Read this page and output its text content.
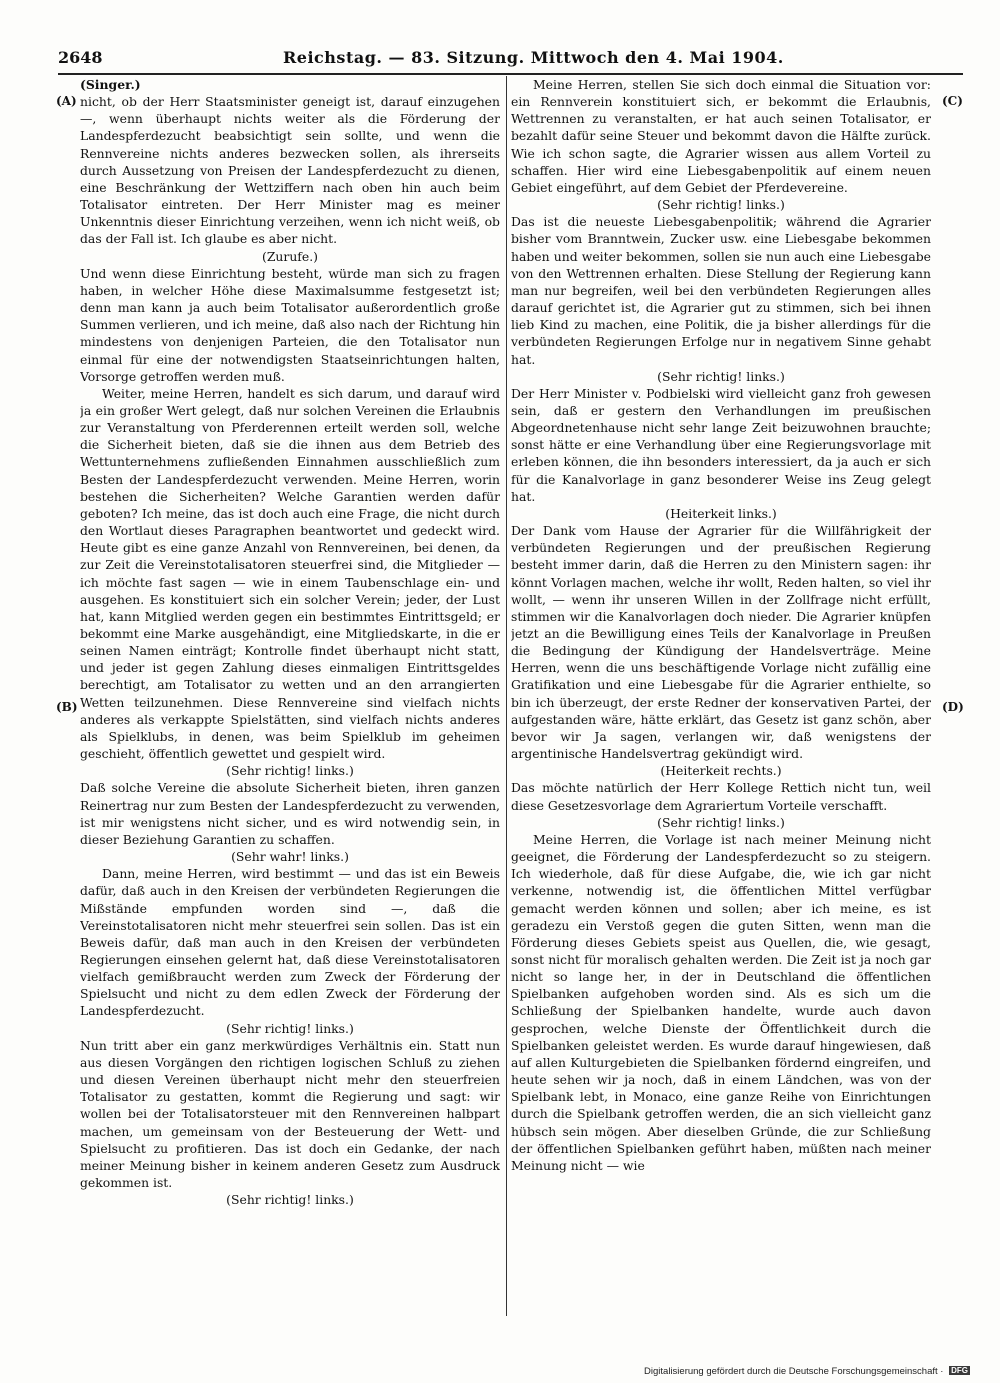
2648	Reichstag. — 83. Sitzung. Mittwoch den 4. Mai 1904.
(A)
(B)
(C)
(D)

(Singer.)

nicht, ob der Herr Staatsminister geneigt ist, darauf einzugehen —, wenn überhaupt nichts weiter als die Förderung der Landespferdezucht beabsichtigt sein sollte, und wenn die Rennvereine nichts anderes bezwecken sollen, als ihrerseits durch Aussetzung von Preisen der Landespferdezucht zu dienen, eine Beschränkung der Wettziffern nach oben hin auch beim Totalisator eintreten. Der Herr Minister mag es meiner Unkenntnis dieser Einrichtung verzeihen, wenn ich nicht weiß, ob das der Fall ist. Ich glaube es aber nicht.

(Zurufe.)

Und wenn diese Einrichtung besteht, würde man sich zu fragen haben, in welcher Höhe diese Maximalsumme festgesetzt ist; denn man kann ja auch beim Totalisator außerordentlich große Summen verlieren, und ich meine, daß also nach der Richtung hin mindestens von denjenigen Parteien, die den Totalisator nun einmal für eine der notwendigsten Staatseinrichtungen halten, Vorsorge getroffen werden muß.

Weiter, meine Herren, handelt es sich darum, und darauf wird ja ein großer Wert gelegt, daß nur solchen Vereinen die Erlaubnis zur Veranstaltung von Pferderennen erteilt werden soll, welche die Sicherheit bieten, daß sie die ihnen aus dem Betrieb des Wettunternehmens zufließenden Einnahmen ausschließlich zum Besten der Landespferdezucht verwenden. Meine Herren, worin bestehen die Sicherheiten? Welche Garantien werden dafür geboten? Ich meine, das ist doch auch eine Frage, die nicht durch den Wortlaut dieses Paragraphen beantwortet und gedeckt wird. Heute gibt es eine ganze Anzahl von Rennvereinen, bei denen, da zur Zeit die Vereinstotalisatoren steuerfrei sind, die Mitglieder — ich möchte fast sagen — wie in einem Taubenschlage ein- und ausgehen. Es konstituiert sich ein solcher Verein; jeder, der Lust hat, kann Mitglied werden gegen ein bestimmtes Eintrittsgeld; er bekommt eine Marke ausgehändigt, eine Mitgliedskarte, in die er seinen Namen einträgt; Kontrolle findet überhaupt nicht statt, und jeder ist gegen Zahlung dieses einmaligen Eintrittsgeldes berechtigt, am Totalisator zu wetten und an den arrangierten Wetten teilzunehmen. Diese Rennvereine sind vielfach nichts anderes als verkappte Spielstätten, sind vielfach nichts anderes als Spielklubs, in denen, was beim Spielklub im geheimen geschieht, öffentlich gewettet und gespielt wird.

(Sehr richtig! links.)

Daß solche Vereine die absolute Sicherheit bieten, ihren ganzen Reinertrag nur zum Besten der Landespferdezucht zu verwenden, ist mir wenigstens nicht sicher, und es wird notwendig sein, in dieser Beziehung Garantien zu schaffen.

(Sehr wahr! links.)

Dann, meine Herren, wird bestimmt — und das ist ein Beweis dafür, daß auch in den Kreisen der verbündeten Regierungen die Mißstände empfunden worden sind —, daß die Vereinstotalisatoren nicht mehr steuerfrei sein sollen. Das ist ein Beweis dafür, daß man auch in den Kreisen der verbündeten Regierungen einsehen gelernt hat, daß diese Vereinstotalisatoren vielfach gemißbraucht werden zum Zweck der Förderung der Spielsucht und nicht zu dem edlen Zweck der Förderung der Landespferdezucht.

(Sehr richtig! links.)

Nun tritt aber ein ganz merkwürdiges Verhältnis ein. Statt nun aus diesen Vorgängen den richtigen logischen Schluß zu ziehen und diesen Vereinen überhaupt nicht mehr den steuerfreien Totalisator zu gestatten, kommt die Regierung und sagt: wir wollen bei der Totalisatorsteuer mit den Rennvereinen halbpart machen, um gemeinsam von der Besteuerung der Wett- und Spielsucht zu profitieren. Das ist doch ein Gedanke, der nach meiner Meinung bisher in keinem anderen Gesetz zum Ausdruck gekommen ist.

(Sehr richtig! links.)

Meine Herren, stellen Sie sich doch einmal die Situation vor: ein Rennverein konstituiert sich, er bekommt die Erlaubnis, Wettrennen zu veranstalten, er hat auch seinen Totalisator, er bezahlt dafür seine Steuer und bekommt davon die Hälfte zurück. Wie ich schon sagte, die Agrarier wissen aus allem Vorteil zu schaffen. Hier wird eine Liebesgabenpolitik auf einem neuen Gebiet eingeführt, auf dem Gebiet der Pferdevereine.

(Sehr richtig! links.)

Das ist die neueste Liebesgabenpolitik; während die Agrarier bisher vom Branntwein, Zucker usw. eine Liebesgabe bekommen haben und weiter bekommen, sollen sie nun auch eine Liebesgabe von den Wettrennen erhalten. Diese Stellung der Regierung kann man nur begreifen, weil bei den verbündeten Regierungen alles darauf gerichtet ist, die Agrarier gut zu stimmen, sich bei ihnen lieb Kind zu machen, eine Politik, die ja bisher allerdings für die verbündeten Regierungen Erfolge nur in negativem Sinne gehabt hat.

(Sehr richtig! links.)

Der Herr Minister v. Podbielski wird vielleicht ganz froh gewesen sein, daß er gestern den Verhandlungen im preußischen Abgeordnetenhause nicht sehr lange Zeit beizuwohnen brauchte; sonst hätte er eine Verhandlung über eine Regierungsvorlage mit erleben können, die ihn besonders interessiert, da ja auch er sich für die Kanalvorlage in ganz besonderer Weise ins Zeug gelegt hat.

(Heiterkeit links.)

Der Dank vom Hause der Agrarier für die Willfährigkeit der verbündeten Regierungen und der preußischen Regierung besteht immer darin, daß die Herren zu den Ministern sagen: ihr könnt Vorlagen machen, welche ihr wollt, Reden halten, so viel ihr wollt, — wenn ihr unseren Willen in der Zollfrage nicht erfüllt, stimmen wir die Kanalvorlagen doch nieder. Die Agrarier knüpfen jetzt an die Bewilligung eines Teils der Kanalvorlage in Preußen die Bedingung der Kündigung der Handelsverträge. Meine Herren, wenn die uns beschäftigende Vorlage nicht zufällig eine Gratifikation und eine Liebesgabe für die Agrarier enthielte, so bin ich überzeugt, der erste Redner der konservativen Partei, der aufgestanden wäre, hätte erklärt, das Gesetz ist ganz schön, aber bevor wir Ja sagen, verlangen wir, daß wenigstens der argentinische Handelsvertrag gekündigt wird.

(Heiterkeit rechts.)

Das möchte natürlich der Herr Kollege Rettich nicht tun, weil diese Gesetzesvorlage dem Agrariertum Vorteile verschafft.

(Sehr richtig! links.)

Meine Herren, die Vorlage ist nach meiner Meinung nicht geeignet, die Förderung der Landespferdezucht so zu steigern. Ich wiederhole, daß für diese Aufgabe, die, wie ich gar nicht verkenne, notwendig ist, die öffentlichen Mittel verfügbar gemacht werden können und sollen; aber ich meine, es ist geradezu ein Verstoß gegen die guten Sitten, wenn man die Förderung dieses Gebiets speist aus Quellen, die, wie gesagt, sonst nicht für moralisch gehalten werden. Die Zeit ist ja noch gar nicht so lange her, in der in Deutschland die öffentlichen Spielbanken aufgehoben worden sind. Als es sich um die Schließung der Spielbanken handelte, wurde auch davon gesprochen, welche Dienste der Öffentlichkeit durch die Spielbanken geleistet werden. Es wurde darauf hingewiesen, daß auf allen Kulturgebieten die Spielbanken fördernd eingreifen, und heute sehen wir ja noch, daß in einem Ländchen, was von der Spielbank lebt, in Monaco, eine ganze Reihe von Einrichtungen durch die Spielbank getroffen werden, die an sich vielleicht ganz hübsch sein mögen. Aber dieselben Gründe, die zur Schließung der öffentlichen Spielbanken geführt haben, müßten nach meiner Meinung nicht — wie

Digitalisierung gefördert durch die Deutsche Forschungsgemeinschaft · DFG
